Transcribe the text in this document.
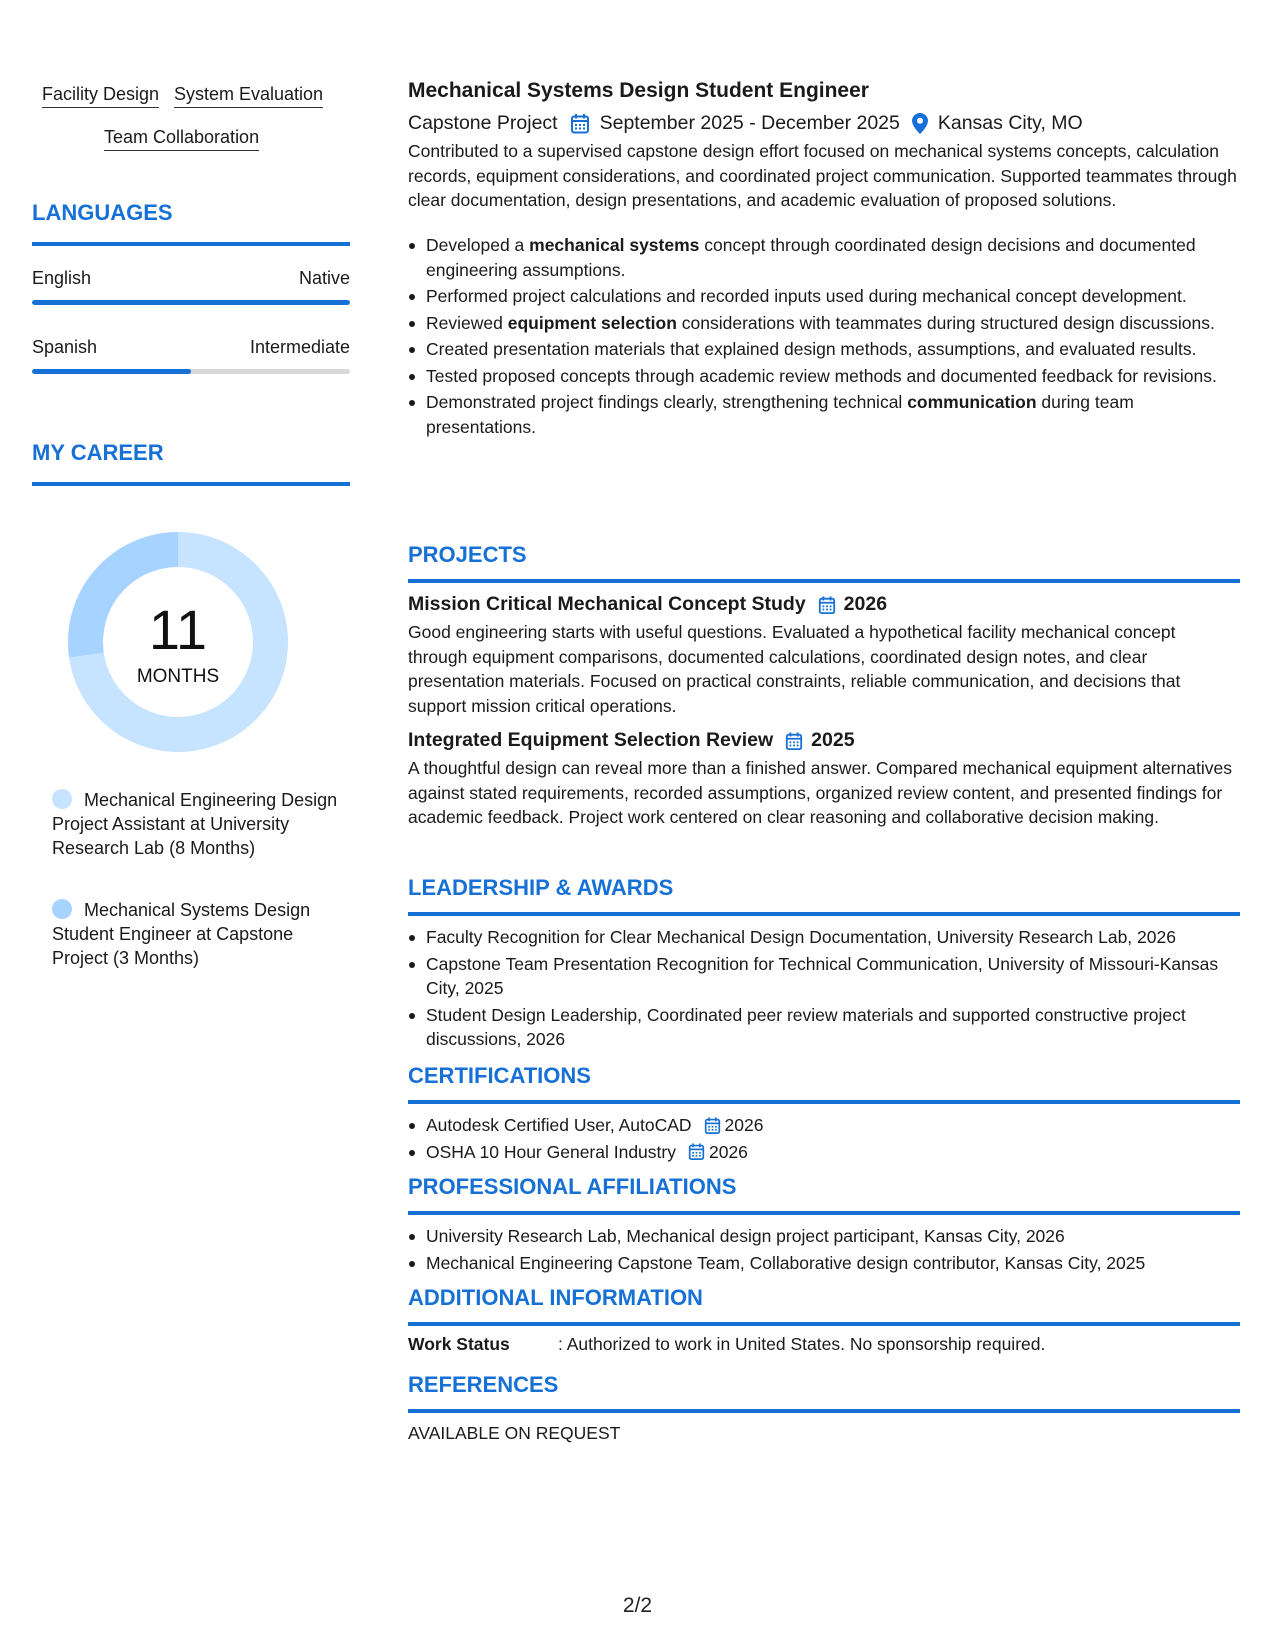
Facility Design System Evaluation
Team Collaboration
LANGUAGES
English	Native
Spanish	Intermediate
MY CAREER
11
MONTHS
Mechanical Engineering Design Project Assistant at University Research Lab (8 Months)
Mechanical Systems Design Student Engineer at Capstone Project (3 Months)
Mechanical Systems Design Student Engineer
Capstone Project September 2025 - December 2025 Kansas City, MO
Contributed to a supervised capstone design effort focused on mechanical systems concepts, calculation records, equipment considerations, and coordinated project communication. Supported teammates through clear documentation, design presentations, and academic evaluation of proposed solutions.
Developed a mechanical systems concept through coordinated design decisions and documented engineering assumptions.
Performed project calculations and recorded inputs used during mechanical concept development.
Reviewed equipment selection considerations with teammates during structured design discussions.
Created presentation materials that explained design methods, assumptions, and evaluated results.
Tested proposed concepts through academic review methods and documented feedback for revisions.
Demonstrated project findings clearly, strengthening technical communication during team presentations.
PROJECTS
Mission Critical Mechanical Concept Study 2026
Good engineering starts with useful questions. Evaluated a hypothetical facility mechanical concept through equipment comparisons, documented calculations, coordinated design notes, and clear presentation materials. Focused on practical constraints, reliable communication, and decisions that support mission critical operations.
Integrated Equipment Selection Review 2025
A thoughtful design can reveal more than a finished answer. Compared mechanical equipment alternatives against stated requirements, recorded assumptions, organized review content, and presented findings for academic feedback. Project work centered on clear reasoning and collaborative decision making.
LEADERSHIP & AWARDS
Faculty Recognition for Clear Mechanical Design Documentation, University Research Lab, 2026
Capstone Team Presentation Recognition for Technical Communication, University of Missouri-Kansas City, 2025
Student Design Leadership, Coordinated peer review materials and supported constructive project discussions, 2026
CERTIFICATIONS
Autodesk Certified User, AutoCAD 2026
OSHA 10 Hour General Industry 2026
PROFESSIONAL AFFILIATIONS
University Research Lab, Mechanical design project participant, Kansas City, 2026
Mechanical Engineering Capstone Team, Collaborative design contributor, Kansas City, 2025
ADDITIONAL INFORMATION
Work Status	: Authorized to work in United States. No sponsorship required.
REFERENCES
AVAILABLE ON REQUEST
2/2
